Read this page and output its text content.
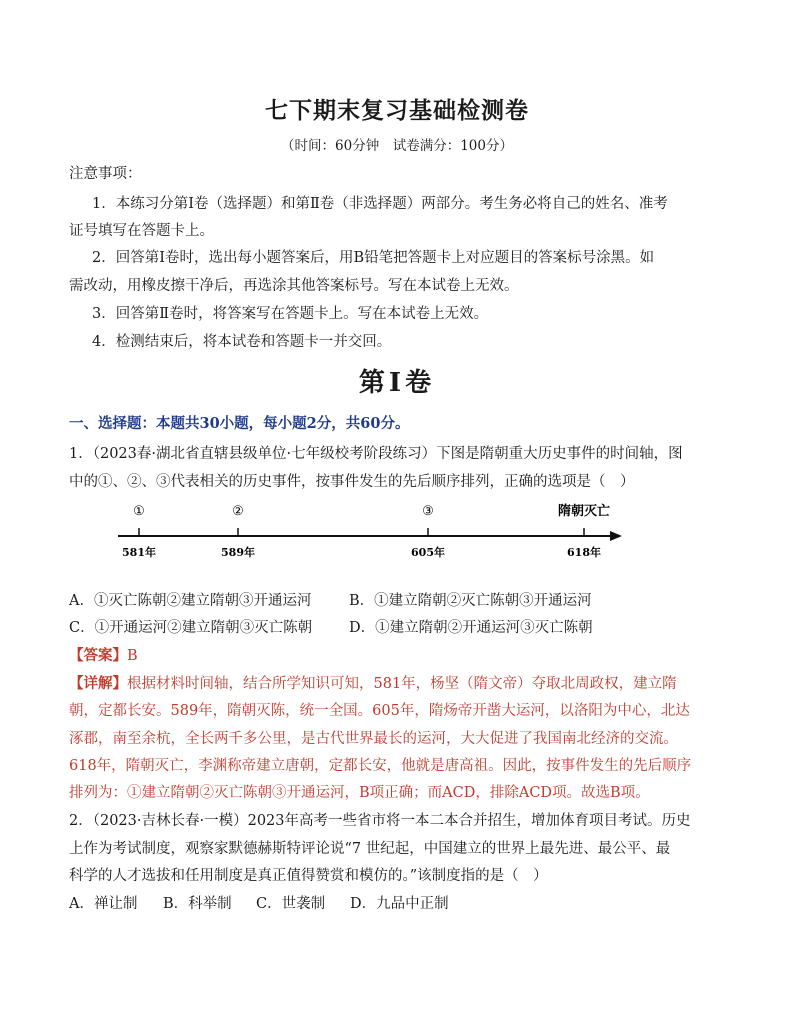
七下期末复习基础检测卷
（时间：60分钟　试卷满分：100分）
注意事项：
1．本练习分第Ⅰ卷（选择题）和第Ⅱ卷（非选择题）两部分。考生务必将自己的姓名、准考
证号填写在答题卡上。
2．回答第Ⅰ卷时，选出每小题答案后，用B铅笔把答题卡上对应题目的答案标号涂黑。如
需改动，用橡皮擦干净后，再选涂其他答案标号。写在本试卷上无效。
3．回答第Ⅱ卷时，将答案写在答题卡上。写在本试卷上无效。
4．检测结束后，将本试卷和答题卡一并交回。
第Ⅰ卷
一、选择题：本题共30小题，每小题2分，共60分。
1．（2023春·湖北省直辖县级单位·七年级校考阶段练习）下图是隋朝重大历史事件的时间轴，图
中的①、②、③代表相关的历史事件，按事件发生的先后顺序排列，正确的选项是（　）
①	②	③	隋朝灭亡
581年	589年	605年	618年
A．①灭亡陈朝②建立隋朝③开通运河	B．①建立隋朝②灭亡陈朝③开通运河
C．①开通运河②建立隋朝③灭亡陈朝	D．①建立隋朝②开通运河③灭亡陈朝
【答案】B
【详解】根据材料时间轴，结合所学知识可知，581年，杨坚（隋文帝）夺取北周政权，建立隋
朝，定都长安。589年，隋朝灭陈，统一全国。605年，隋炀帝开凿大运河，以洛阳为中心，北达
涿郡，南至余杭，全长两千多公里，是古代世界最长的运河，大大促进了我国南北经济的交流。
618年，隋朝灭亡，李渊称帝建立唐朝，定都长安，他就是唐高祖。因此，按事件发生的先后顺序
排列为：①建立隋朝②灭亡陈朝③开通运河，B项正确；而ACD，排除ACD项。故选B项。
2．（2023·吉林长春·一模）2023年高考一些省市将一本二本合并招生，增加体育项目考试。历史
上作为考试制度，观察家默德赫斯特评论说“7 世纪起，中国建立的世界上最先进、最公平、最
科学的人才选拔和任用制度是真正值得赞赏和模仿的。”该制度指的是（　）
A．禅让制 B．科举制 C．世袭制 D．九品中正制
